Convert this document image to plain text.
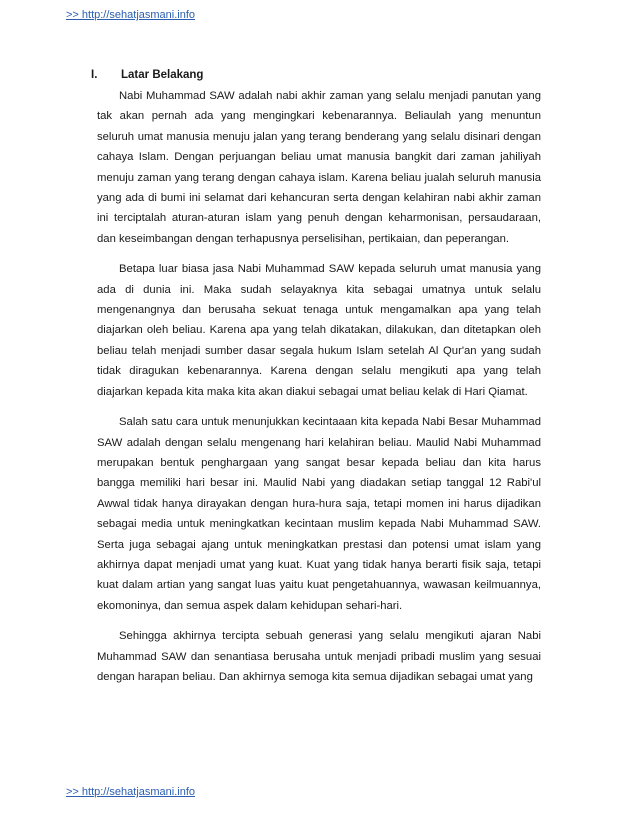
>> http://sehatjasmani.info
I. Latar Belakang

Nabi Muhammad SAW adalah nabi akhir zaman yang selalu menjadi panutan yang tak akan pernah ada yang mengingkari kebenarannya. Beliaulah yang menuntun seluruh umat manusia menuju jalan yang terang benderang yang selalu disinari dengan cahaya Islam. Dengan perjuangan beliau umat manusia bangkit dari zaman jahiliyah menuju zaman yang terang dengan cahaya islam. Karena beliau jualah seluruh manusia yang ada di bumi ini selamat dari kehancuran serta dengan kelahiran nabi akhir zaman ini terciptalah aturan-aturan islam yang penuh dengan keharmonisan, persaudaraan, dan keseimbangan dengan terhapusnya perselisihan, pertikaian, dan peperangan.

Betapa luar biasa jasa Nabi Muhammad SAW kepada seluruh umat manusia yang ada di dunia ini. Maka sudah selayaknya kita sebagai umatnya untuk selalu mengenangnya dan berusaha sekuat tenaga untuk mengamalkan apa yang telah diajarkan oleh beliau. Karena apa yang telah dikatakan, dilakukan, dan ditetapkan oleh beliau telah menjadi sumber dasar segala hukum Islam setelah Al Qur'an yang sudah tidak diragukan kebenarannya. Karena dengan selalu mengikuti apa yang telah diajarkan kepada kita maka kita akan diakui sebagai umat beliau kelak di Hari Qiamat.

Salah satu cara untuk menunjukkan kecintaaan kita kepada Nabi Besar Muhammad SAW adalah dengan selalu mengenang hari kelahiran beliau. Maulid Nabi Muhammad merupakan bentuk penghargaan yang sangat besar kepada beliau dan kita harus bangga memiliki hari besar ini. Maulid Nabi yang diadakan setiap tanggal 12 Rabi'ul Awwal tidak hanya dirayakan dengan hura-hura saja, tetapi momen ini harus dijadikan sebagai media untuk meningkatkan kecintaan muslim kepada Nabi Muhammad SAW. Serta juga sebagai ajang untuk meningkatkan prestasi dan potensi umat islam yang akhirnya dapat menjadi umat yang kuat. Kuat yang tidak hanya berarti fisik saja, tetapi kuat dalam artian yang sangat luas yaitu kuat pengetahuannya, wawasan keilmuannya, ekomoninya, dan semua aspek dalam kehidupan sehari-hari.

Sehingga akhirnya tercipta sebuah generasi yang selalu mengikuti ajaran Nabi Muhammad SAW dan senantiasa berusaha untuk menjadi pribadi muslim yang sesuai dengan harapan beliau. Dan akhirnya semoga kita semua dijadikan sebagai umat yang

>> http://sehatjasmani.info
